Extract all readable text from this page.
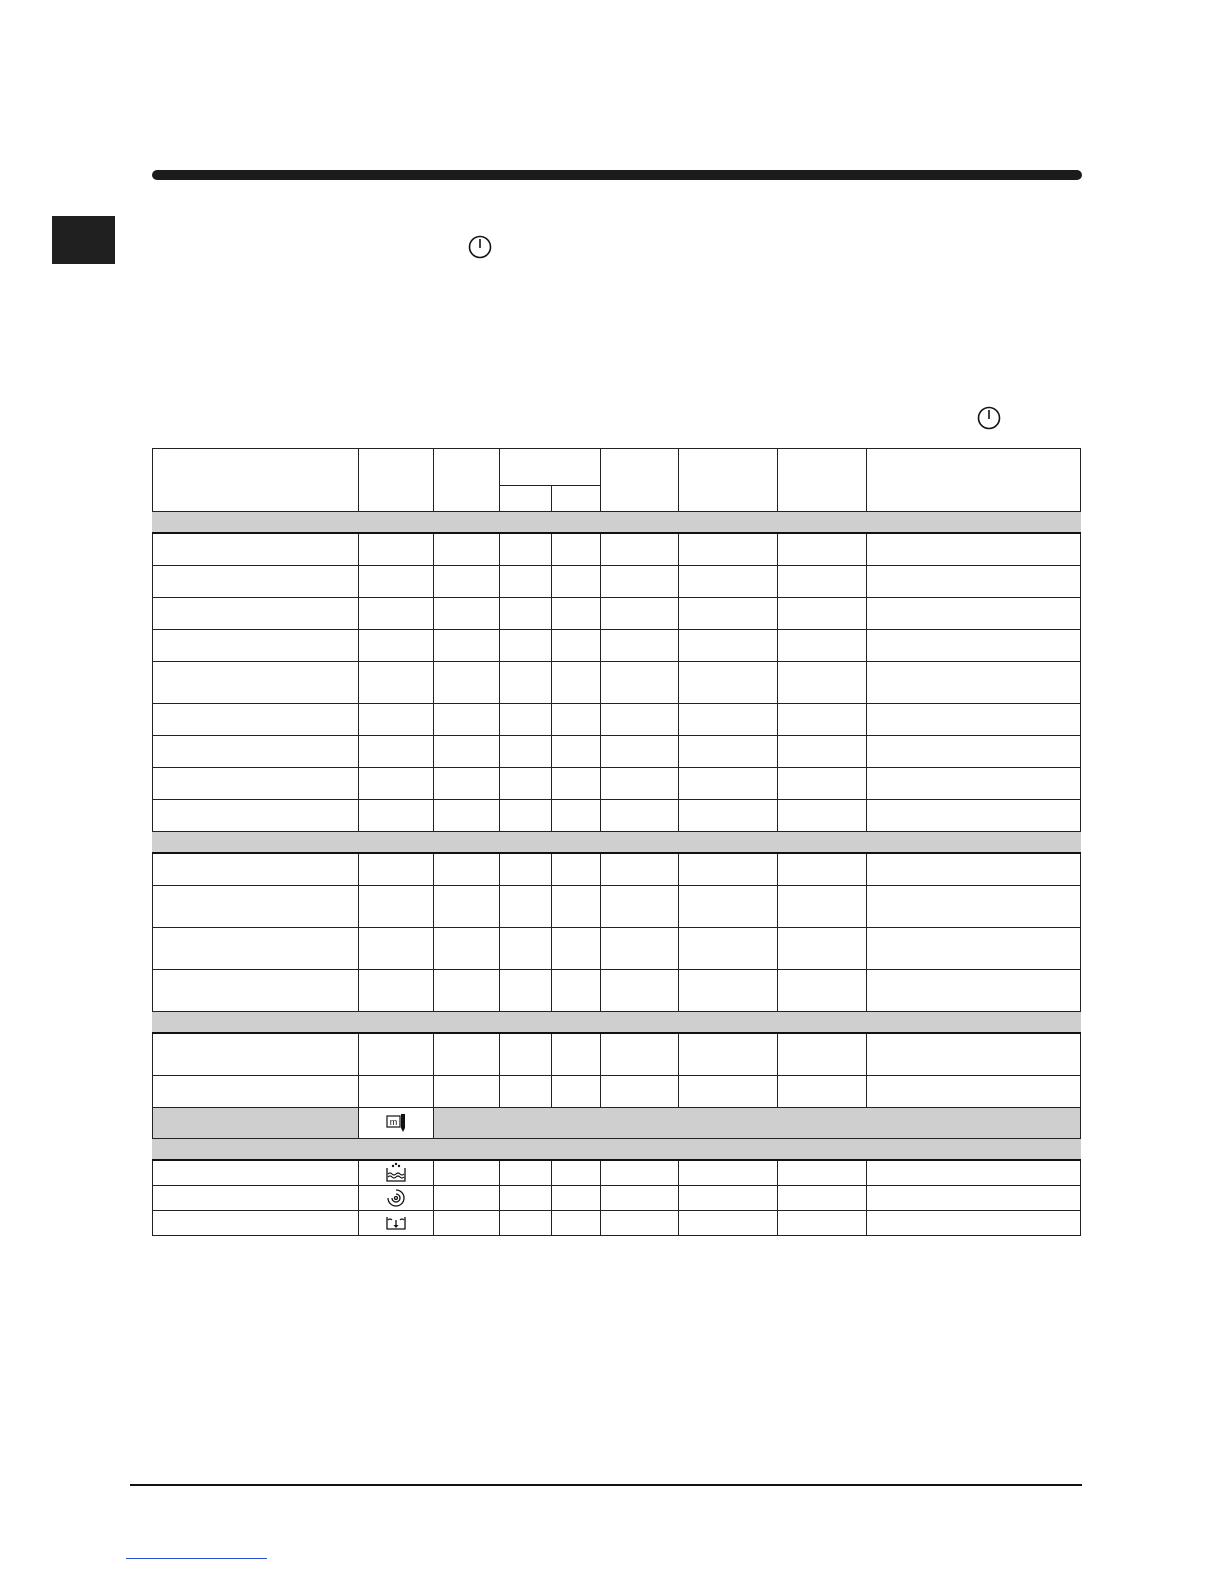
m							
